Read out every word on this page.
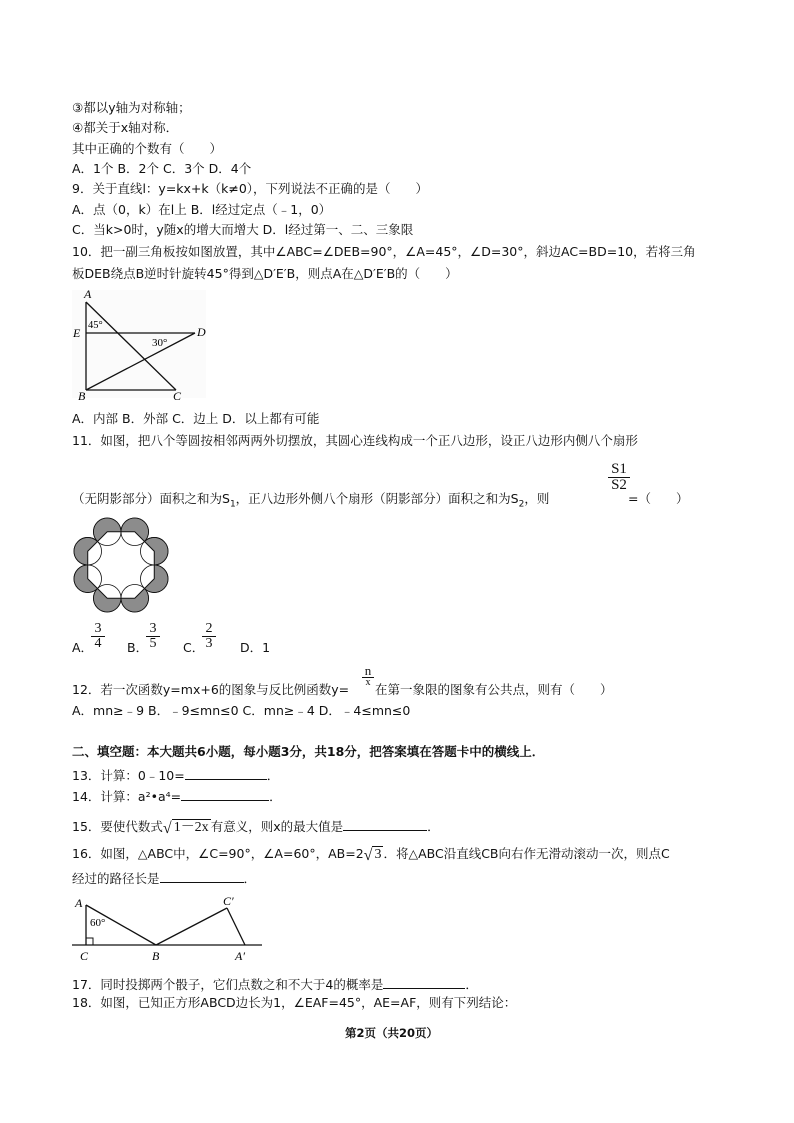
③都以y轴为对称轴；
④都关于x轴对称．
其中正确的个数有（　　）
A．1个 B．2个 C．3个 D．4个
9．关于直线l：y=kx+k（k≠0），下列说法不正确的是（　　）
A．点（0，k）在l上 B．l经过定点（﹣1，0）
C．当k>0时，y随x的增大而增大 D．l经过第一、二、三象限
10．把一副三角板按如图放置，其中∠ABC=∠DEB=90°，∠A=45°，∠D=30°，斜边AC=BD=10，若将三角
板DEB绕点B逆时针旋转45°得到△D′E′B，则点A在△D′E′B的（　　）
A
E	D
B	C
45°
30°
A．内部 B．外部 C．边上 D．以上都有可能
11．如图，把八个等圆按相邻两两外切摆放，其圆心连线构成一个正八边形，设正八边形内侧八个扇形
（无阴影部分）面积之和为$S_1$，正八边形外侧八个扇形（阴影部分）面积之和为$S_2$，则
$\frac{S1}{S2}$
=（　　）
A．
$\frac{3}{4}$ B．
$\frac{3}{5}$ C．
$\frac{2}{3}$ D．1
12．若一次函数y=mx+6的图象与反比例函数y=
n
x 在第一象限的图象有公共点，则有（　　）
A．mn≥﹣9 B．﹣9≤mn≤0 C．mn≥﹣4 D．﹣4≤mn≤0
二、填空题：本大题共6小题，每小题3分，共18分，把答案填在答题卡中的横线上．
13．计算：0﹣10=	．
14．计算：a²•a⁴=	．
15．要使代数式√ 1－2x 有意义，则x的最大值是	．
16．如图，△ABC中，∠C=90°，∠A=60°，AB=2√ 3 ．将△ABC沿直线CB向右作无滑动滚动一次，则点C
经过的路径长是	．
A
C	B
C′
A′
60°
17．同时投掷两个骰子，它们点数之和不大于4的概率是	．
18．如图，已知正方形ABCD边长为1，∠EAF=45°，AE=AF，则有下列结论：
第2页（共20页）
